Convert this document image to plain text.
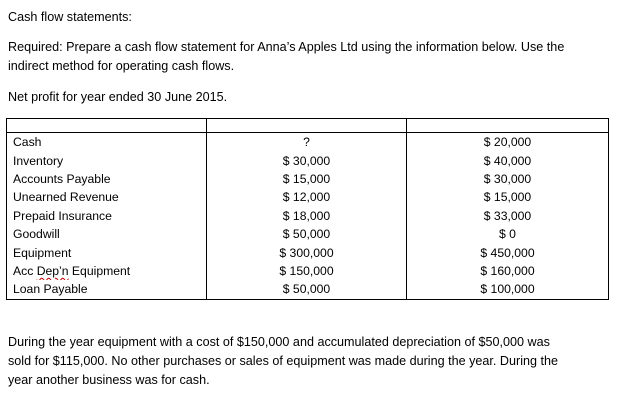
Cash flow statements:
Required: Prepare a cash flow statement for Anna’s Apples Ltd using the information below. Use the
indirect method for operating cash flows.
Net profit for year ended 30 June 2015.

Cash	?	$ 20,000
Inventory	$ 30,000	$ 40,000
Accounts Payable	$ 15,000	$ 30,000
Unearned Revenue	$ 12,000	$ 15,000
Prepaid Insurance	$ 18,000	$ 33,000
Goodwill	$ 50,000	$ 0
Equipment	$ 300,000	$ 450,000
Acc Dep’n Equipment	$ 150,000	$ 160,000
Loan Payable	$ 50,000	$ 100,000
During the year equipment with a cost of $150,000 and accumulated depreciation of $50,000 was
sold for $115,000. No other purchases or sales of equipment was made during the year. During the
year another business was for cash.
